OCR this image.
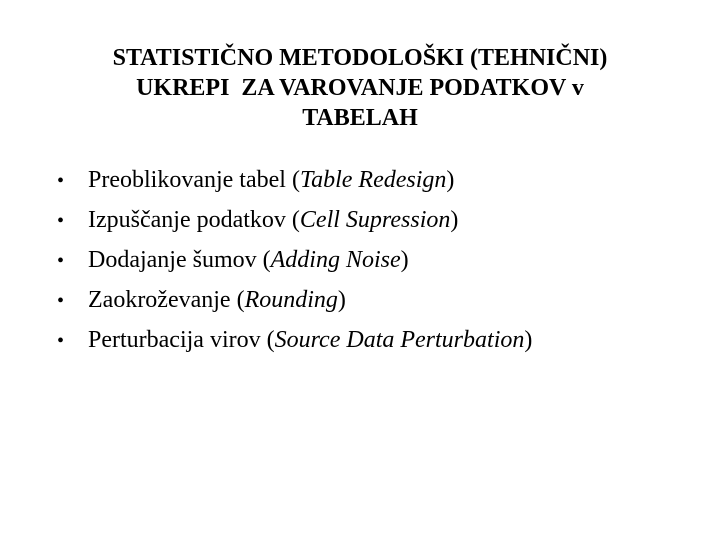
STATISTIČNO METODOLOŠKI (TEHNIČNI)
UKREPI  ZA VAROVANJE PODATKOV v
TABELAH
• Preoblikovanje tabel (Table Redesign)
• Izpuščanje podatkov (Cell Supression)
• Dodajanje šumov (Adding Noise)
• Zaokroževanje (Rounding)
• Perturbacija virov (Source Data Perturbation)
